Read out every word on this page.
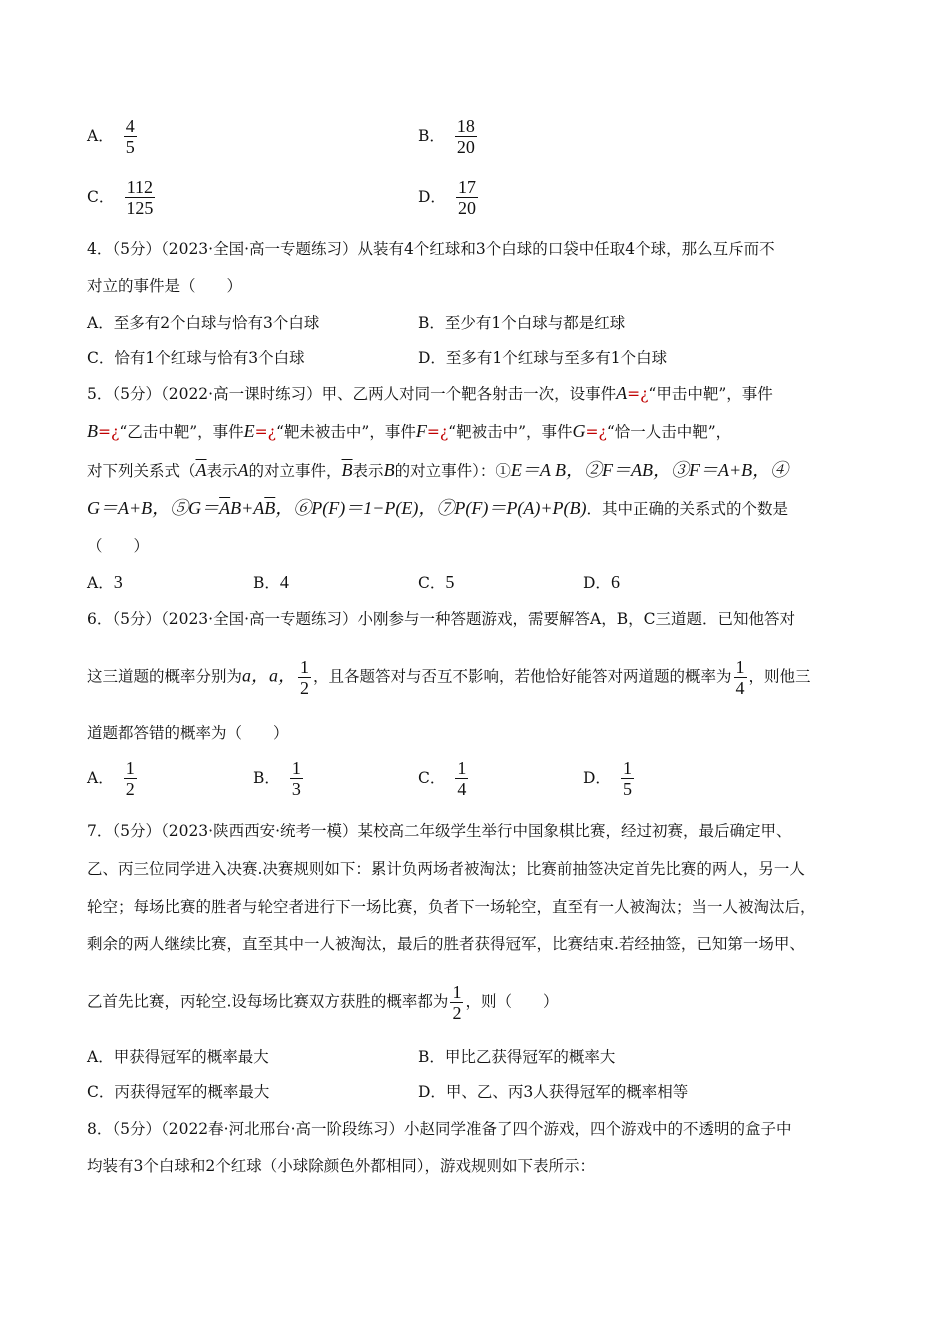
A． $\frac{4}{5}$	B． $\frac{18}{20}$
C． $\frac{112}{125}$	D． $\frac{17}{20}$
4．（5分）（2023·全国·高一专题练习）从装有4个红球和3个白球的口袋中任取4个球，那么互斥而不
对立的事件是（　　）
A．至多有2个白球与恰有3个白球	B．至少有1个白球与都是红球
C．恰有1个红球与恰有3个白球	D．至多有1个红球与至多有1个白球
5．（5分）（2022·高一课时练习）甲、乙两人对同一个靶各射击一次，设事件A=¿“甲击中靶”，事件
B=¿“乙击中靶”，事件E=¿“靶未被击中”，事件F=¿“靶被击中”，事件G=¿“恰一人击中靶”，
对下列关系式（$\overline{A}$表示A的对立事件，$\overline{B}$表示B的对立事件）：①E＝A B，②F＝AB，③F＝A+B，④
G＝A+B，$⑤G=\overline{A}B+A\overline{B}$，⑥P(F)＝1−P(E)，⑦P(F)＝P(A)+P(B)．其中正确的关系式的个数是
（　　）
A．3	B．4	C．5	D．6
6．（5分）（2023·全国·高一专题练习）小刚参与一种答题游戏，需要解答A，B，C三道题．已知他答对
这三道题的概率分别为a，a， $\frac{1}{2}$ ，且各题答对与否互不影响，若他恰好能答对两道题的概率为 $\frac{1}{4}$ ，则他三
道题都答错的概率为（　　）
A． $\frac{1}{2}$	B． $\frac{1}{3}$	C． $\frac{1}{4}$	D． $\frac{1}{5}$
7．（5分）（2023·陕西西安·统考一模）某校高二年级学生举行中国象棋比赛，经过初赛，最后确定甲、
乙、丙三位同学进入决赛.决赛规则如下：累计负两场者被淘汰；比赛前抽签决定首先比赛的两人，另一人
轮空；每场比赛的胜者与轮空者进行下一场比赛，负者下一场轮空，直至有一人被淘汰；当一人被淘汰后，
剩余的两人继续比赛，直至其中一人被淘汰，最后的胜者获得冠军，比赛结束.若经抽签，已知第一场甲、
乙首先比赛，丙轮空.设每场比赛双方获胜的概率都为 $\frac{1}{2}$ ，则（　　）
A．甲获得冠军的概率最大	B．甲比乙获得冠军的概率大
C．丙获得冠军的概率最大	D．甲、乙、丙3人获得冠军的概率相等
8．（5分）（2022春·河北邢台·高一阶段练习）小赵同学准备了四个游戏，四个游戏中的不透明的盒子中
均装有3个白球和2个红球（小球除颜色外都相同），游戏规则如下表所示：
